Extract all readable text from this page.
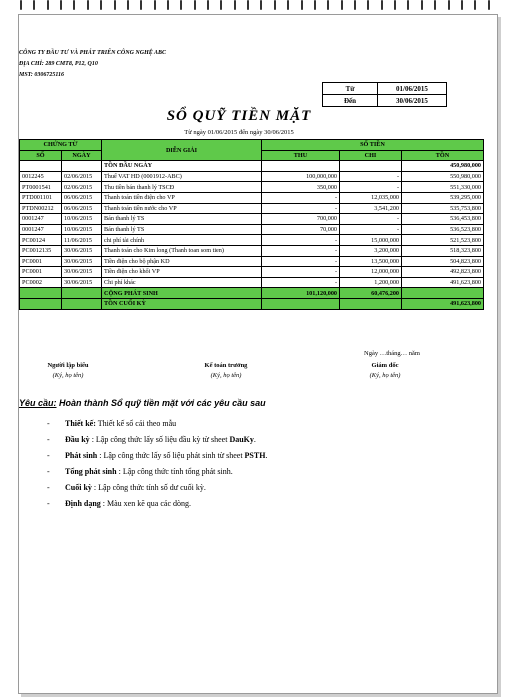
CÔNG TY ĐẦU TƯ VÀ PHÁT TRIỂN CÔNG NGHỆ ABC
ĐỊA CHỈ: 289 CMT8, P12, Q10
MST: 0306725116
Từ	01/06/2015
Đến	30/06/2015
SỔ QUỸ TIỀN MẶT
Từ ngày 01/06/2015 đến ngày 30/06/2015
CHỨNG TỪ		DIỄN GIẢI	SỐ TIỀN		
SỐ	NGÀY		THU	CHI	TỒN
		TỒN ĐẦU NGÀY			450,980,000
0012245	02/06/2015	Thuế VAT HD (0001912-ABC)	100,000,000	-	550,980,000
PT0001541	02/06/2015	Thu tiền bán thanh lý TSCĐ	350,000	-	551,330,000
PTD001101	06/06/2015	Thanh toán tiền điện cho VP	-	12,035,000	539,295,000
PTDN00212	06/06/2015	Thanh toán tiền nước cho VP	-	3,541,200	535,753,800
0001247	10/06/2015	Bán thanh lý TS	700,000	-	536,453,800
0001247	10/06/2015	Bán thanh lý TS	70,000	-	536,523,800
PC00124	11/06/2015	chi phí tài chính	-	15,000,000	521,523,800
PC0012135	30/06/2015	Thanh toán cho Kim long (Thanh toan som tien)	-	3,200,000	518,323,800
PC0001	30/06/2015	Tiền điện cho bộ phận KD	-	13,500,000	504,823,800
PC0001	30/06/2015	Tiền điện cho khối VP	-	12,000,000	492,823,800
PC0002	30/06/2015	Chi phí khác	-	1,200,000	491,623,800
		CỘNG PHÁT SINH	101,120,000	60,476,200	
		TỒN CUỐI KỲ			491,623,800
Ngày …tháng… năm
Người lập biểu
(Ký, họ tên)
Kế toán trưởng
(Ký, họ tên)
Giám đốc
(Ký, họ tên)
Yêu cầu: Hoàn thành Sổ quỹ tiền mặt với các yêu cầu sau
- Thiết kế: Thiết kế sổ cái theo mẫu
- Đầu kỳ : Lập công thức lấy số liệu đầu kỳ từ sheet DauKy.
- Phát sinh : Lập công thức lấy số liệu phát sinh từ sheet PSTH.
- Tổng phát sinh : Lập công thức tính tổng phát sinh.
- Cuối kỳ : Lập công thức tính số dư cuối kỳ.
- Định dạng : Màu xen kẽ qua các dòng.
